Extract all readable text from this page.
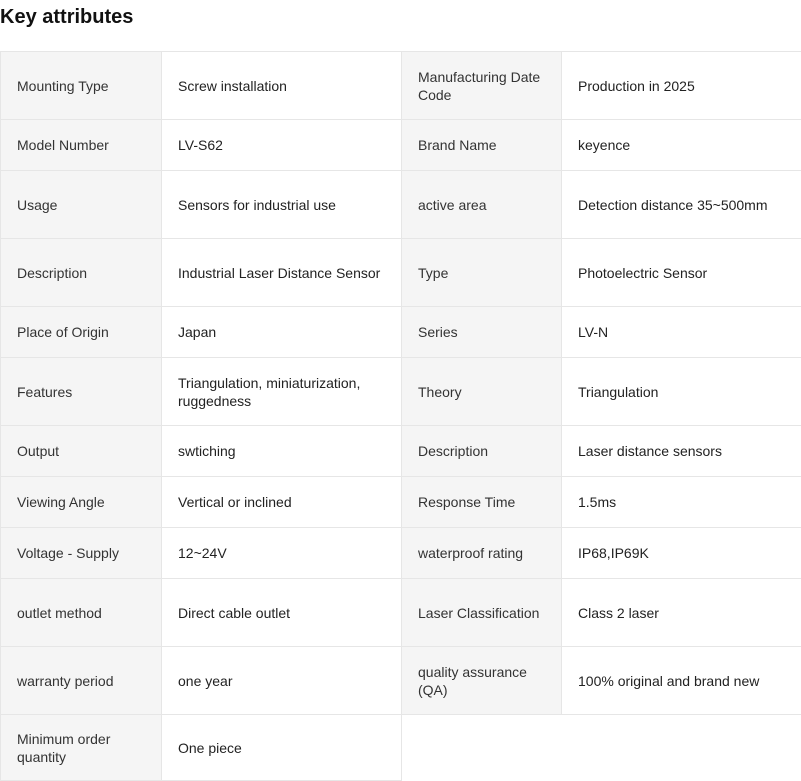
Key attributes
Mounting Type	Screw installation	Manufacturing Date Code	Production in 2025
Model Number	LV-S62	Brand Name	keyence
Usage	Sensors for industrial use	active area	Detection distance 35~500mm
Description	Industrial Laser Distance Sensor	Type	Photoelectric Sensor
Place of Origin	Japan	Series	LV-N
Features	Triangulation, miniaturization, ruggedness	Theory	Triangulation
Output	swtiching	Description	Laser distance sensors
Viewing Angle	Vertical or inclined	Response Time	1.5ms
Voltage - Supply	12~24V	waterproof rating	IP68,IP69K
outlet method	Direct cable outlet	Laser Classification	Class 2 laser
warranty period	one year	quality assurance (QA)	100% original and brand new
Minimum order quantity	One piece		
